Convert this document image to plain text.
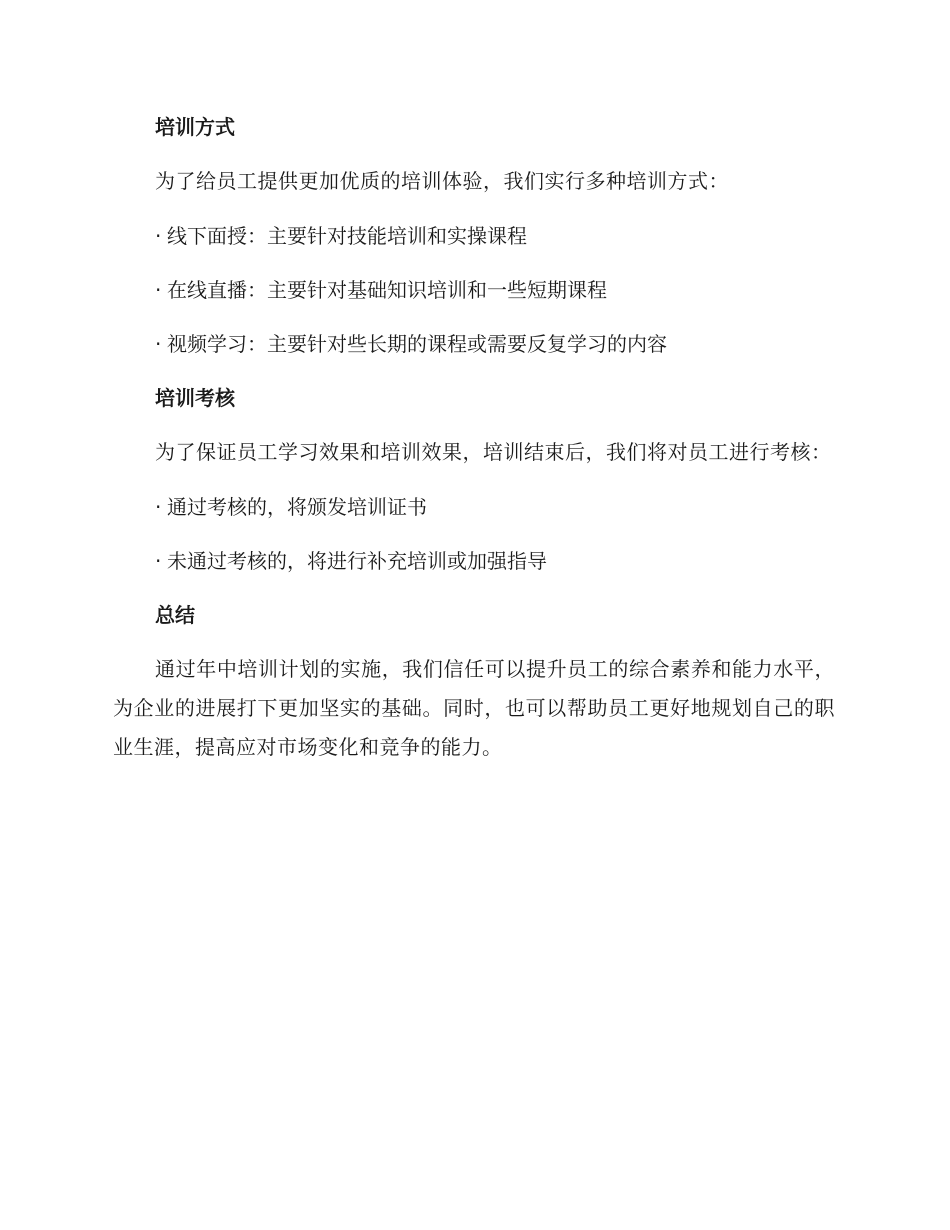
培训方式
为了给员工提供更加优质的培训体验，我们实行多种培训方式：
· 线下面授：主要针对技能培训和实操课程
· 在线直播：主要针对基础知识培训和一些短期课程
· 视频学习：主要针对些长期的课程或需要反复学习的内容
培训考核
为了保证员工学习效果和培训效果，培训结束后，我们将对员工进行考核：
· 通过考核的，将颁发培训证书
· 未通过考核的，将进行补充培训或加强指导
总结
通过年中培训计划的实施，我们信任可以提升员工的综合素养和能力水平，为企业的进展打下更加坚实的基础。同时，也可以帮助员工更好地规划自己的职业生涯，提高应对市场变化和竞争的能力。
